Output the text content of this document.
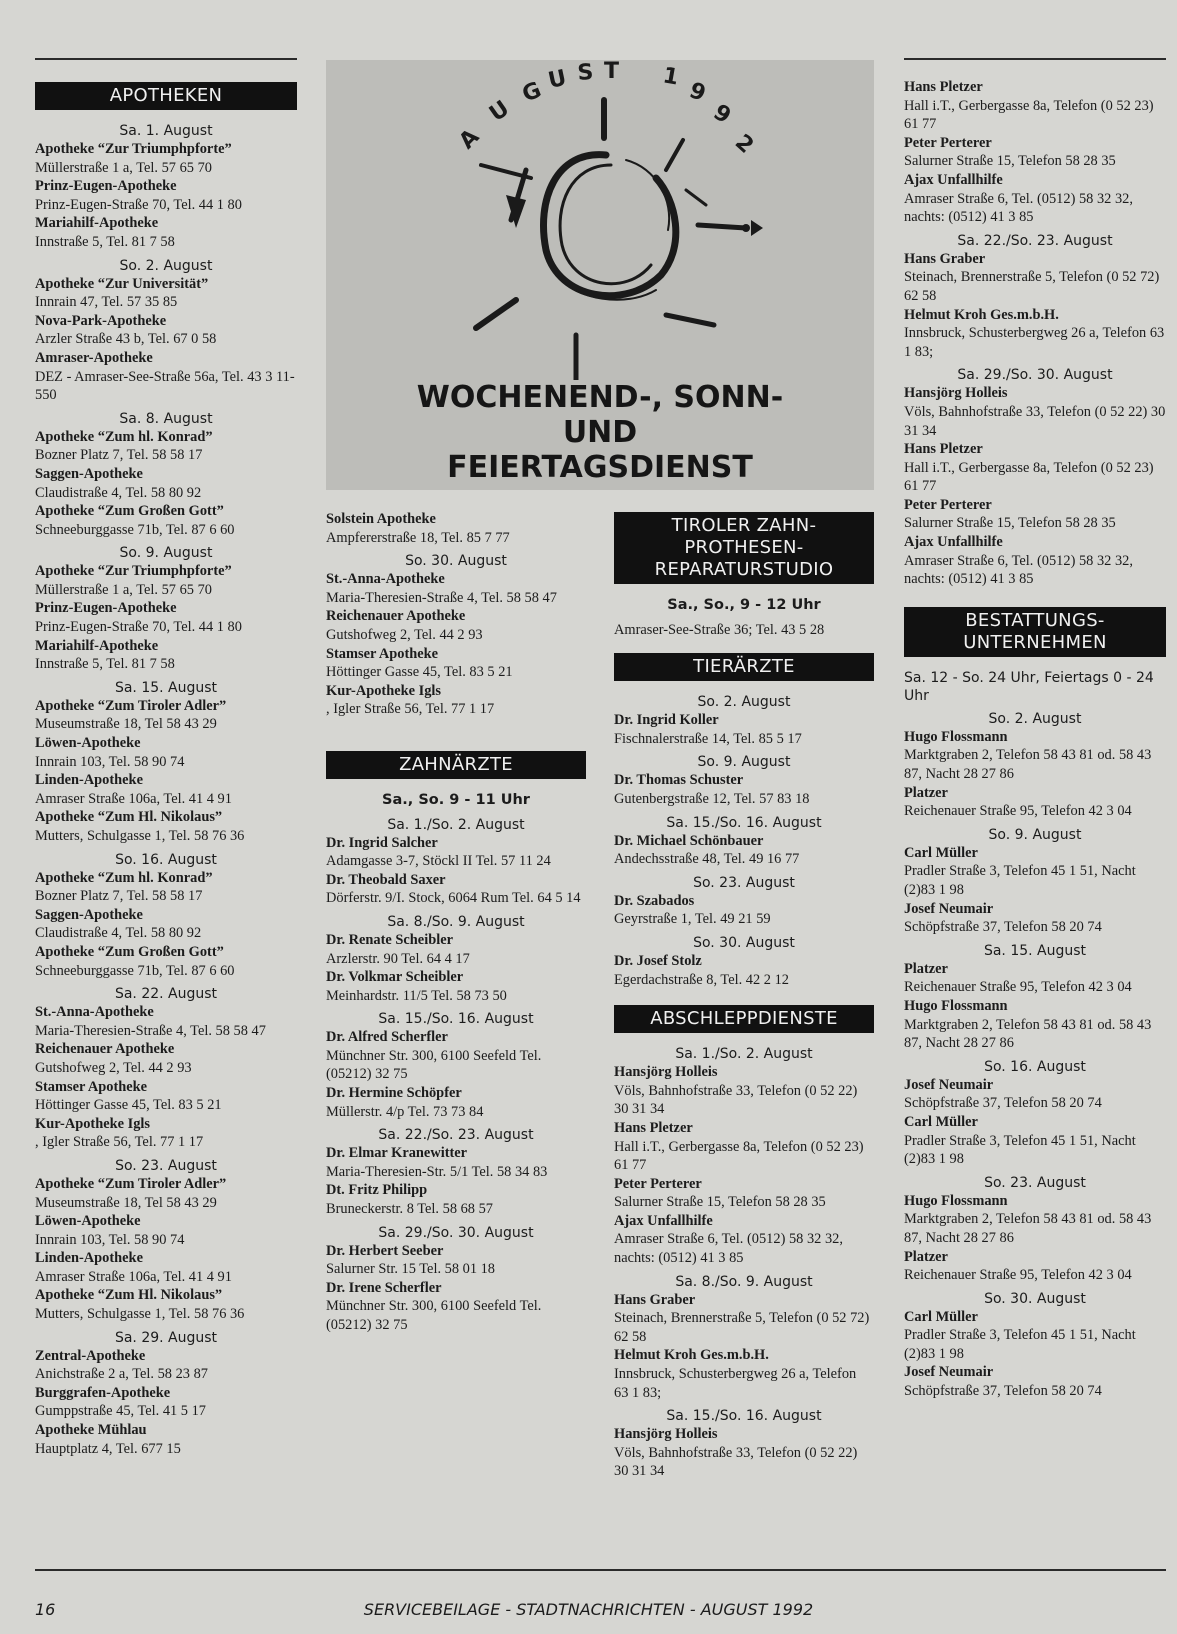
APOTHEKEN
Sa. 1. August
Apotheke “Zur Triumphpforte”
Müllerstraße 1 a, Tel. 57 65 70
Prinz-Eugen-Apotheke
Prinz-Eugen-Straße 70, Tel. 44 1 80
Mariahilf-Apotheke
Innstraße 5, Tel. 81 7 58
So. 2. August
Apotheke “Zur Universität”
Innrain 47, Tel. 57 35 85
Nova-Park-Apotheke
Arzler Straße 43 b, Tel. 67 0 58
Amraser-Apotheke
DEZ - Amraser-See-Straße 56a, Tel. 43 3 11-550
Sa. 8. August
Apotheke “Zum hl. Konrad”
Bozner Platz 7, Tel. 58 58 17
Saggen-Apotheke
Claudistraße 4, Tel. 58 80 92
Apotheke “Zum Großen Gott”
Schneeburggasse 71b, Tel. 87 6 60
So. 9. August
Apotheke “Zur Triumphpforte”
Müllerstraße 1 a, Tel. 57 65 70
Prinz-Eugen-Apotheke
Prinz-Eugen-Straße 70, Tel. 44 1 80
Mariahilf-Apotheke
Innstraße 5, Tel. 81 7 58
Sa. 15. August
Apotheke “Zum Tiroler Adler”
Museumstraße 18, Tel 58 43 29
Löwen-Apotheke
Innrain 103, Tel. 58 90 74
Linden-Apotheke
Amraser Straße 106a, Tel. 41 4 91
Apotheke “Zum Hl. Nikolaus”
Mutters, Schulgasse 1, Tel. 58 76 36
So. 16. August
Apotheke “Zum hl. Konrad”
Bozner Platz 7, Tel. 58 58 17
Saggen-Apotheke
Claudistraße 4, Tel. 58 80 92
Apotheke “Zum Großen Gott”
Schneeburggasse 71b, Tel. 87 6 60
Sa. 22. August
St.-Anna-Apotheke
Maria-Theresien-Straße 4, Tel. 58 58 47
Reichenauer Apotheke
Gutshofweg 2, Tel. 44 2 93
Stamser Apotheke
Höttinger Gasse 45, Tel. 83 5 21
Kur-Apotheke Igls
, Igler Straße 56, Tel. 77 1 17
So. 23. August
Apotheke “Zum Tiroler Adler”
Museumstraße 18, Tel 58 43 29
Löwen-Apotheke
Innrain 103, Tel. 58 90 74
Linden-Apotheke
Amraser Straße 106a, Tel. 41 4 91
Apotheke “Zum Hl. Nikolaus”
Mutters, Schulgasse 1, Tel. 58 76 36
Sa. 29. August
Zentral-Apotheke
Anichstraße 2 a, Tel. 58 23 87
Burggrafen-Apotheke
Gumppstraße 45, Tel. 41 5 17
Apotheke Mühlau
Hauptplatz 4, Tel. 677 15
A
U
G U S T 1
9
9
2
WOCHENEND-, SONN-
UND
FEIERTAGSDIENST
Solstein Apotheke
Ampfererstraße 18, Tel. 85 7 77
So. 30. August
St.-Anna-Apotheke
Maria-Theresien-Straße 4, Tel. 58 58 47
Reichenauer Apotheke
Gutshofweg 2, Tel. 44 2 93
Stamser Apotheke
Höttinger Gasse 45, Tel. 83 5 21
Kur-Apotheke Igls
, Igler Straße 56, Tel. 77 1 17
ZAHNÄRZTE
Sa., So. 9 - 11 Uhr
Sa. 1./So. 2. August
Dr. Ingrid Salcher
Adamgasse 3-7, Stöckl II Tel. 57 11 24
Dr. Theobald Saxer
Dörferstr. 9/I. Stock, 6064 Rum Tel. 64 5 14
Sa. 8./So. 9. August
Dr. Renate Scheibler
Arzlerstr. 90 Tel. 64 4 17
Dr. Volkmar Scheibler
Meinhardstr. 11/5 Tel. 58 73 50
Sa. 15./So. 16. August
Dr. Alfred Scherfler
Münchner Str. 300, 6100 Seefeld Tel. (05212) 32 75
Dr. Hermine Schöpfer
Müllerstr. 4/p Tel. 73 73 84
Sa. 22./So. 23. August
Dr. Elmar Kranewitter
Maria-Theresien-Str. 5/1 Tel. 58 34 83
Dt. Fritz Philipp
Bruneckerstr. 8 Tel. 58 68 57
Sa. 29./So. 30. August
Dr. Herbert Seeber
Salurner Str. 15 Tel. 58 01 18
Dr. Irene Scherfler
Münchner Str. 300, 6100 Seefeld Tel. (05212) 32 75
TIROLER ZAHN-
PROTHESEN-
REPARATURSTUDIO
Sa., So., 9 - 12 Uhr
Amraser-See-Straße 36; Tel. 43 5 28
TIERÄRZTE
So. 2. August
Dr. Ingrid Koller
Fischnalerstraße 14, Tel. 85 5 17
So. 9. August
Dr. Thomas Schuster
Gutenbergstraße 12, Tel. 57 83 18
Sa. 15./So. 16. August
Dr. Michael Schönbauer
Andechsstraße 48, Tel. 49 16 77
So. 23. August
Dr. Szabados
Geyrstraße 1, Tel. 49 21 59
So. 30. August
Dr. Josef Stolz
Egerdachstraße 8, Tel. 42 2 12
ABSCHLEPPDIENSTE
Sa. 1./So. 2. August
Hansjörg Holleis
Völs, Bahnhofstraße 33, Telefon (0 52 22) 30 31 34
Hans Pletzer
Hall i.T., Gerbergasse 8a, Telefon (0 52 23) 61 77
Peter Perterer
Salurner Straße 15, Telefon 58 28 35
Ajax Unfallhilfe
Amraser Straße 6, Tel. (0512) 58 32 32, nachts: (0512) 41 3 85
Sa. 8./So. 9. August
Hans Graber
Steinach, Brennerstraße 5, Telefon (0 52 72) 62 58
Helmut Kroh Ges.m.b.H.
Innsbruck, Schusterbergweg 26 a, Telefon 63 1 83;
Sa. 15./So. 16. August
Hansjörg Holleis
Völs, Bahnhofstraße 33, Telefon (0 52 22) 30 31 34
Hans Pletzer
Hall i.T., Gerbergasse 8a, Telefon (0 52 23) 61 77
Peter Perterer
Salurner Straße 15, Telefon 58 28 35
Ajax Unfallhilfe
Amraser Straße 6, Tel. (0512) 58 32 32, nachts: (0512) 41 3 85
Sa. 22./So. 23. August
Hans Graber
Steinach, Brennerstraße 5, Telefon (0 52 72) 62 58
Helmut Kroh Ges.m.b.H.
Innsbruck, Schusterbergweg 26 a, Telefon 63 1 83;
Sa. 29./So. 30. August
Hansjörg Holleis
Völs, Bahnhofstraße 33, Telefon (0 52 22) 30 31 34
Hans Pletzer
Hall i.T., Gerbergasse 8a, Telefon (0 52 23) 61 77
Peter Perterer
Salurner Straße 15, Telefon 58 28 35
Ajax Unfallhilfe
Amraser Straße 6, Tel. (0512) 58 32 32, nachts: (0512) 41 3 85
BESTATTUNGS-
UNTERNEHMEN
Sa. 12 - So. 24 Uhr, Feiertags 0 - 24 Uhr
So. 2. August
Hugo Flossmann
Marktgraben 2, Telefon 58 43 81 od. 58 43 87, Nacht 28 27 86
Platzer
Reichenauer Straße 95, Telefon 42 3 04
So. 9. August
Carl Müller
Pradler Straße 3, Telefon 45 1 51, Nacht (2)83 1 98
Josef Neumair
Schöpfstraße 37, Telefon 58 20 74
Sa. 15. August
Platzer
Reichenauer Straße 95, Telefon 42 3 04
Hugo Flossmann
Marktgraben 2, Telefon 58 43 81 od. 58 43 87, Nacht 28 27 86
So. 16. August
Josef Neumair
Schöpfstraße 37, Telefon 58 20 74
Carl Müller
Pradler Straße 3, Telefon 45 1 51, Nacht (2)83 1 98
So. 23. August
Hugo Flossmann
Marktgraben 2, Telefon 58 43 81 od. 58 43 87, Nacht 28 27 86
Platzer
Reichenauer Straße 95, Telefon 42 3 04
So. 30. August
Carl Müller
Pradler Straße 3, Telefon 45 1 51, Nacht (2)83 1 98
Josef Neumair
Schöpfstraße 37, Telefon 58 20 74
16	SERVICEBEILAGE - STADTNACHRICHTEN - AUGUST 1992
